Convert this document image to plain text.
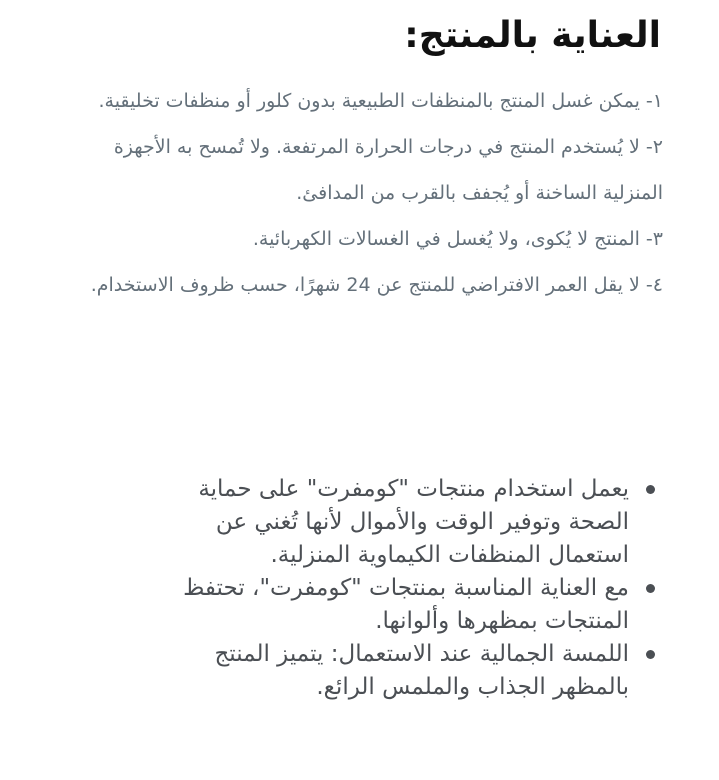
العناية بالمنتج:
١- يمكن غسل المنتج بالمنظفات الطبيعية بدون كلور أو منظفات تخليقية.
٢- لا يُستخدم المنتج في درجات الحرارة المرتفعة. ولا تُمسح به الأجهزة المنزلية الساخنة أو يُجفف بالقرب من المدافئ.
٣- المنتج لا يُكوى، ولا يُغسل في الغسالات الكهربائية.
٤- لا يقل العمر الافتراضي للمنتج عن 24 شهرًا، حسب ظروف الاستخدام.
يعمل استخدام منتجات "كومفرت" على حماية الصحة وتوفير الوقت والأموال لأنها تُغني عن استعمال المنظفات الكيماوية المنزلية.
مع العناية المناسبة بمنتجات "كومفرت"، تحتفظ المنتجات بمظهرها وألوانها.
اللمسة الجمالية عند الاستعمال: يتميز المنتج بالمظهر الجذاب والملمس الرائع.
